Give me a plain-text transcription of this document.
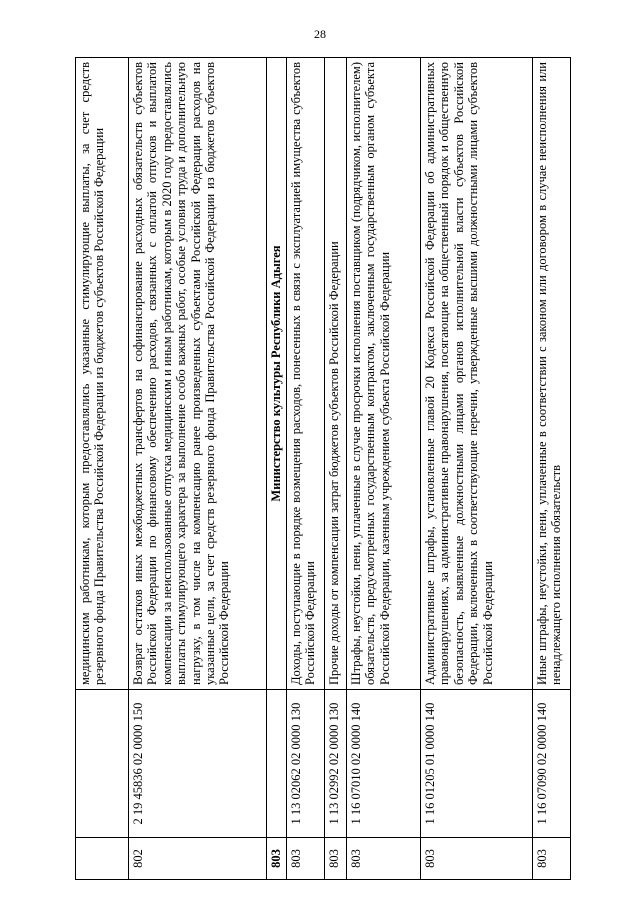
28
		медицинским работникам, которым предоставлялись указанные стимулирующие выплаты, за счет средств резервного фонда Правительства Российской Федерации из бюджетов субъектов Российской Федерации
802	2 19 45836 02 0000 150	Возврат остатков иных межбюджетных трансфертов на софинансирование расходных обязательств субъектов Российской Федерации по финансовому обеспечению расходов, связанных с оплатой отпусков и выплатой компенсации за неиспользованные отпуска медицинским и иным работникам, которым в 2020 году предоставлялись выплаты стимулирующего характера за выполнение особо важных работ, особые условия труда и дополнительную нагрузку, в том числе на компенсацию ранее произведенных субъектами Российской Федерации расходов на указанные цели, за счет средств резервного фонда Правительства Российской Федерации из бюджетов субъектов Российской Федерации
803		Министерство культуры Республики Адыгея
803	1 13 02062 02 0000 130	Доходы, поступающие в порядке возмещения расходов, понесенных в связи с эксплуатацией имущества субъектов Российской Федерации
803	1 13 02992 02 0000 130	Прочие доходы от компенсации затрат бюджетов субъектов Российской Федерации
803	1 16 07010 02 0000 140	Штрафы, неустойки, пени, уплаченные в случае просрочки исполнения поставщиком (подрядчиком, исполнителем) обязательств, предусмотренных государственным контрактом, заключенным государственным органом субъекта Российской Федерации, казенным учреждением субъекта Российской Федерации
803	1 16 01205 01 0000 140	Административные штрафы, установленные главой 20 Кодекса Российской Федерации об административных правонарушениях, за административные правонарушения, посягающие на общественный порядок и общественную безопасность, выявленные должностными лицами органов исполнительной власти субъектов Российской Федерации, включенных в соответствующие перечни, утвержденные высшими должностными лицами субъектов Российской Федерации
803	1 16 07090 02 0000 140	Иные штрафы, неустойки, пени, уплаченные в соответствии с законом или договором в случае неисполнения или ненадлежащего исполнения обязательств
